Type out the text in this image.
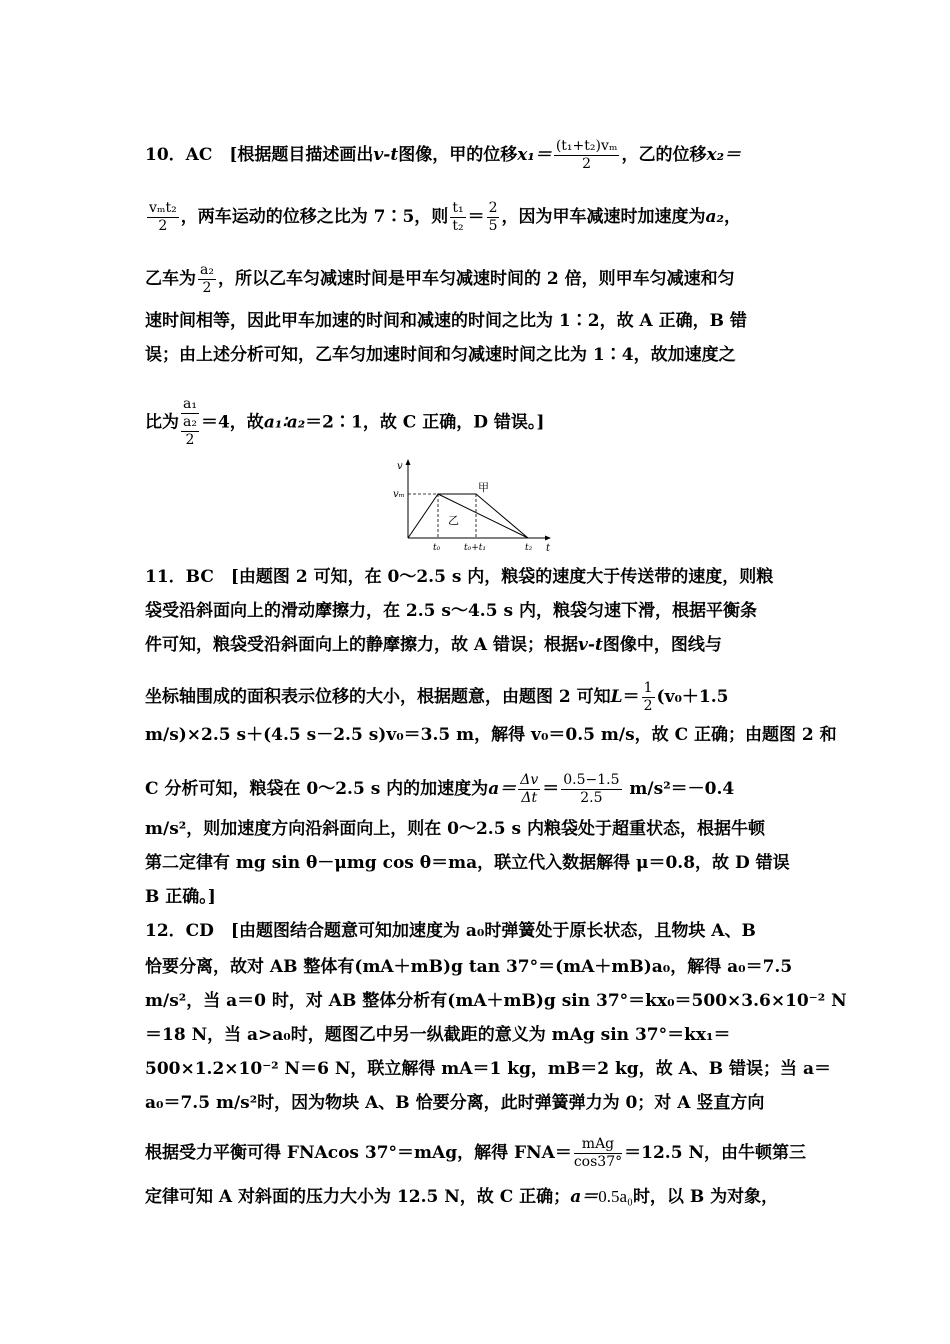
10．AC　[根据题目描述画出v-t图像，甲的位移$x_1= \frac{\text{(t₁+t₂)vₘ}}{2}$ ，乙的位移x₂＝
$\frac{\text{vₘt₂}}{2}$ ，两车运动的位移之比为 7∶5，则 $\frac{\text{t₁}}{\text{t₂}} = \frac{2}{5}$ ，因为甲车减速时加速度为a₂，
乙车为 $\frac{\text{a₂}}{2}$ ，所以乙车匀减速时间是甲车匀减速时间的 2 倍，则甲车匀减速和匀
速时间相等，因此甲车加速的时间和减速的时间之比为 1∶2，故 A 正确，B 错
误；由上述分析可知，乙车匀加速时间和匀减速时间之比为 1∶4，故加速度之
比为
a₁
a₂
2
＝4，故a₁∶a₂＝2∶1，故 C 正确，D 错误。]
v
t
vₘ
甲
乙
t₀	t₀+t₁	t₂
11．BC　[由题图 2 可知，在 0～2.5 s 内，粮袋的速度大于传送带的速度，则粮
袋受沿斜面向上的滑动摩擦力，在 2.5 s～4.5 s 内，粮袋匀速下滑，根据平衡条
件可知，粮袋受沿斜面向上的静摩擦力，故 A 错误；根据v-t图像中，图线与
坐标轴围成的面积表示位移的大小，根据题意，由题图 2 可知$L= \frac{1}{2} (v_0+1.5$
m/s)×2.5 s＋(4.5 s－2.5 s)v₀＝3.5 m，解得 v₀＝0.5 m/s，故 C 正确；由题图 2 和
C 分析可知，粮袋在 0～2.5 s 内的加速度为$a= \frac{\Delta v}{\Delta t} = \frac{0.5-1.5}{2.5} m/s^2=-0.4$
m/s²，则加速度方向沿斜面向上，则在 0～2.5 s 内粮袋处于超重状态，根据牛顿
第二定律有 mg sin θ－μmg cos θ＝ma，联立代入数据解得 μ＝0.8，故 D 错误
B 正确。]
12．CD　[由题图结合题意可知加速度为 a₀时弹簧处于原长状态，且物块 A、B
恰要分离，故对 AB 整体有(mA＋mB)g tan 37°＝(mA＋mB)a₀，解得 a₀＝7.5
m/s²，当 a＝0 时，对 AB 整体分析有(mA＋mB)g sin 37°＝kx₀＝500×3.6×10⁻² N
＝18 N，当 a>a₀时，题图乙中另一纵截距的意义为 mAg sin 37°＝kx₁＝
500×1.2×10⁻² N＝6 N，联立解得 mA＝1 kg，mB＝2 kg，故 A、B 错误；当 a＝
a₀＝7.5 m/s²时，因为物块 A、B 恰要分离，此时弹簧弹力为 0；对 A 竖直方向
根据受力平衡可得 FNAcos 37°＝mAg，解得 $FNA= \frac{\text{mAg}}{\cos 37^\circ} =12.5$ N，由牛顿第三
定律可知 A 对斜面的压力大小为 12.5 N，故 C 正确；a＝0.5a₀时，以 B 为对象，
